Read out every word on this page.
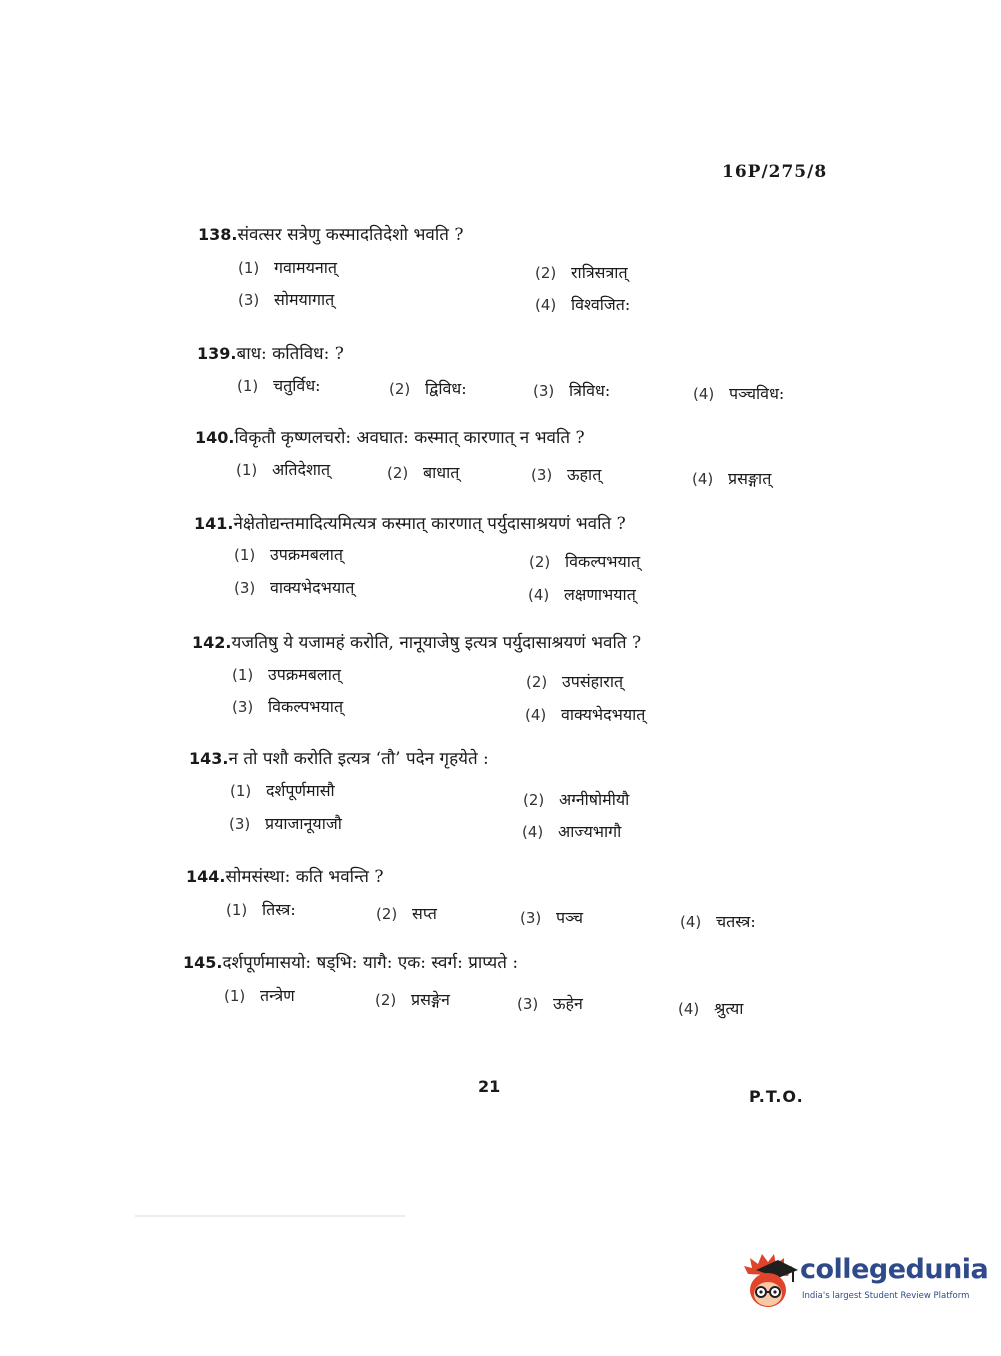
16P/275/8
138.संवत्सर सत्रेणु कस्मादतिदेशो भवति ?
(1) गवामयनात्	(2) रात्रिसत्रात्
(3) सोमयागात्	(4) विश्वजित:
139.बाध: कतिविध: ?
(1) चतुर्विध:	(2) द्विविध:	(3) त्रिविध:	(4) पञ्चविध:
140.विकृतौ कृष्णलचरो: अवघात: कस्मात् कारणात् न भवति ?
(1) अतिदेशात्	(2) बाधात्	(3) ऊहात्	(4) प्रसङ्गात्
141.नेक्षेतोद्यन्तमादित्यमित्यत्र कस्मात् कारणात् पर्युदासाश्रयणं भवति ?
(1) उपक्रमबलात्	(2) विकल्पभयात्
(3) वाक्यभेदभयात्	(4) लक्षणाभयात्
142.यजतिषु ये यजामहं करोति, नानूयाजेषु इत्यत्र पर्युदासाश्रयणं भवति ?
(1) उपक्रमबलात्	(2) उपसंहारात्
(3) विकल्पभयात्	(4) वाक्यभेदभयात्
143.न तो पशौ करोति इत्यत्र ‘तौ’ पदेन गृहयेते :
(1) दर्शपूर्णमासौ	(2) अग्नीषोमीयौ
(3) प्रयाजानूयाजौ	(4) आज्यभागौ
144.सोमसंस्था: कति भवन्ति ?
(1) तिस्त्र:	(2) सप्त	(3) पञ्च	(4) चतस्त्र:
145.दर्शपूर्णमासयो: षड्भि: यागै: एक: स्वर्ग: प्राप्यते :
(1) तन्त्रेण	(2) प्रसङ्गेन	(3) ऊहेन	(4) श्रुत्या
21
P.T.O.
collegedunia
India's largest Student Review Platform
